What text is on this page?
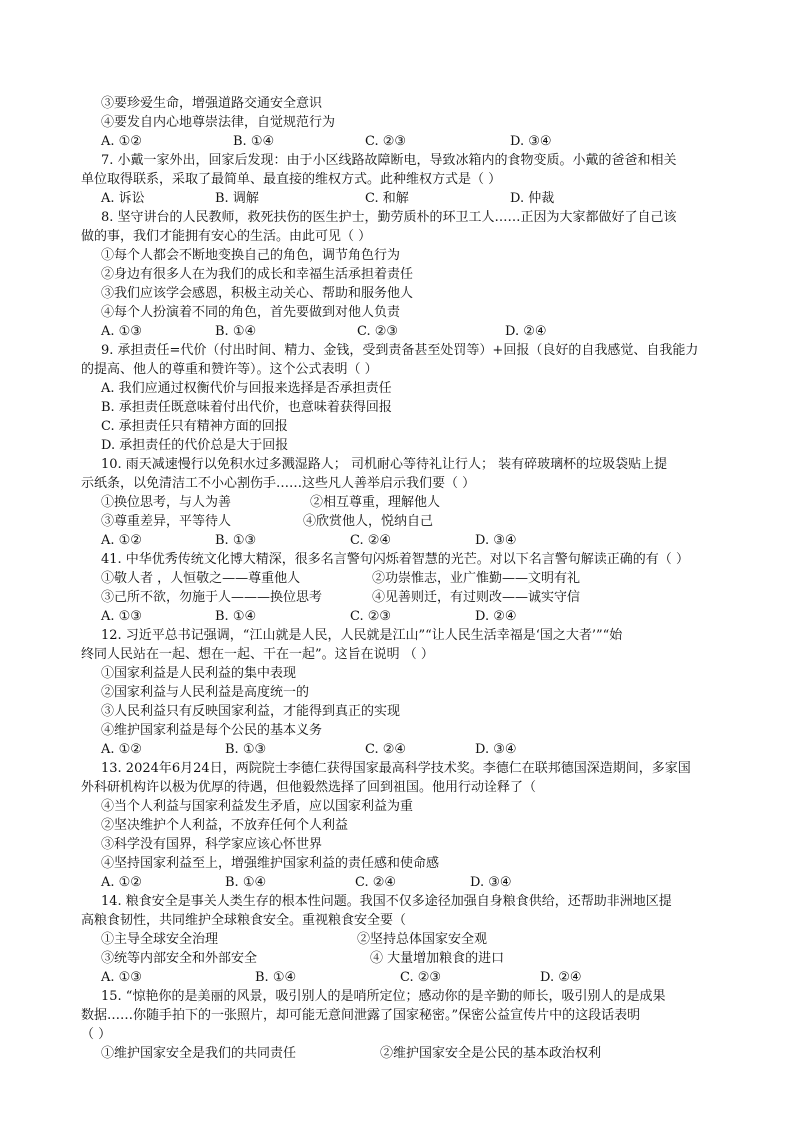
③要珍爱生命，增强道路交通安全意识
④要发自内心地尊崇法律，自觉规范行为
A. ①②	B. ①④	C. ②③	D. ③④
7. 小戴一家外出，回家后发现：由于小区线路故障断电，导致冰箱内的食物变质。小戴的爸爸和相关
单位取得联系，采取了最简单、最直接的维权方式。此种维权方式是（ ）
A. 诉讼	B. 调解	C. 和解	D. 仲裁
8. 坚守讲台的人民教师，救死扶伤的医生护士，勤劳质朴的环卫工人……正因为大家都做好了自己该
做的事，我们才能拥有安心的生活。由此可见（ ）
①每个人都会不断地变换自己的角色，调节角色行为
②身边有很多人在为我们的成长和幸福生活承担着责任
③我们应该学会感恩，积极主动关心、帮助和服务他人
④每个人扮演着不同的角色，首先要做到对他人负责
A. ①③	B. ①④	C. ②③	D. ②④
9. 承担责任=代价（付出时间、精力、金钱，受到责备甚至处罚等）+回报（良好的自我感觉、自我能力
的提高、他人的尊重和赞许等）。这个公式表明（ ）
A. 我们应通过权衡代价与回报来选择是否承担责任
B. 承担责任既意味着付出代价，也意味着获得回报
C. 承担责任只有精神方面的回报
D. 承担责任的代价总是大于回报
10. 雨天减速慢行以免积水过多溅湿路人； 司机耐心等待礼让行人； 装有碎玻璃杯的垃圾袋贴上提
示纸条，以免清洁工不小心割伤手……这些凡人善举启示我们要（ ）
①换位思考，与人为善	②相互尊重，理解他人
③尊重差异，平等待人	④欣赏他人，悦纳自己
A. ①②	B. ①③	C. ②④	D. ③④
41. 中华优秀传统文化博大精深，很多名言警句闪烁着智慧的光芒。对以下名言警句解读正确的有（ ）
①敬人者 ，人恒敬之——尊重他人	②功崇惟志，业广惟勤——文明有礼
③己所不欲，勿施于人———换位思考	④见善则迁，有过则改——诚实守信
A. ①③	B. ①④	C. ②③	D. ②④
12. 习近平总书记强调，“江山就是人民，人民就是江山”“让人民生活幸福是‘国之大者’”“始
终同人民站在一起、想在一起、干在一起”。这旨在说明 （ ）
①国家利益是人民利益的集中表现
②国家利益与人民利益是高度统一的
③人民利益只有反映国家利益，才能得到真正的实现
④维护国家利益是每个公民的基本义务
A. ①②	B. ①③	C. ②④	D. ③④
13. 2024年6月24日，两院院士李德仁获得国家最高科学技术奖。李德仁在联邦德国深造期间，多家国
外科研机构许以极为优厚的待遇，但他毅然选择了回到祖国。他用行动诠释了（
④当个人利益与国家利益发生矛盾，应以国家利益为重
②坚决维护个人利益，不放弃任何个人利益
③科学没有国界，科学家应该心怀世界
④坚持国家利益至上，增强维护国家利益的责任感和使命感
A. ①②	B. ①④	C. ②④	D. ③④
14. 粮食安全是事关人类生存的根本性问题。我国不仅多途径加强自身粮食供给，还帮助非洲地区提
高粮食韧性，共同维护全球粮食安全。重视粮食安全要（
①主导全球安全治理	②坚持总体国家安全观
③统等内部安全和外部安全	④ 大量增加粮食的进口
A. ①③	B. ①④	C. ②③	D. ②④
15. “惊艳你的是美丽的风景，吸引别人的是哨所定位；感动你的是辛勤的师长，吸引别人的是成果
数据……你随手拍下的一张照片，却可能无意间泄露了国家秘密。”保密公益宣传片中的这段话表明
（ ）
①维护国家安全是我们的共同责任	②维护国家安全是公民的基本政治权利
